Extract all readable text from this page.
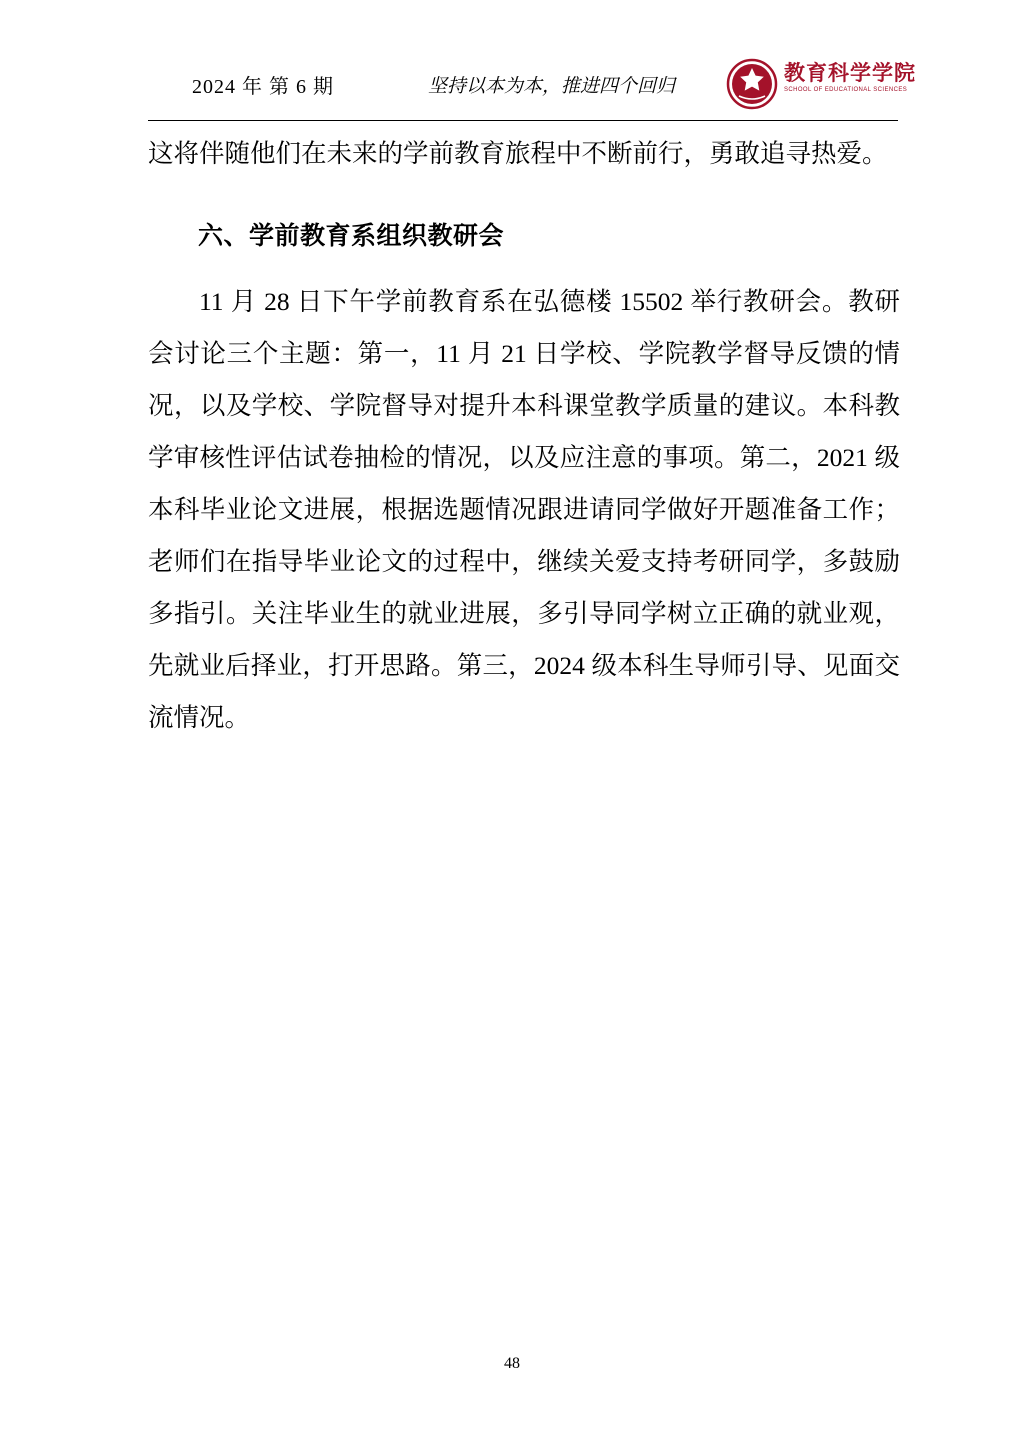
2024 年 第 6 期	坚持以本为本，推进四个回归
教育科学学院
SCHOOL OF EDUCATIONAL SCIENCES

这将伴随他们在未来的学前教育旅程中不断前行，勇敢追寻热爱。

六、学前教育系组织教研会

11 月 28 日下午学前教育系在弘德楼 15502 举行教研会。教研会讨论三个主题：第一，11 月 21 日学校、学院教学督导反馈的情况，以及学校、学院督导对提升本科课堂教学质量的建议。本科教学审核性评估试卷抽检的情况，以及应注意的事项。第二，2021 级本科毕业论文进展，根据选题情况跟进请同学做好开题准备工作；老师们在指导毕业论文的过程中，继续关爱支持考研同学，多鼓励多指引。关注毕业生的就业进展，多引导同学树立正确的就业观，先就业后择业，打开思路。第三，2024 级本科生导师引导、见面交流情况。

48
